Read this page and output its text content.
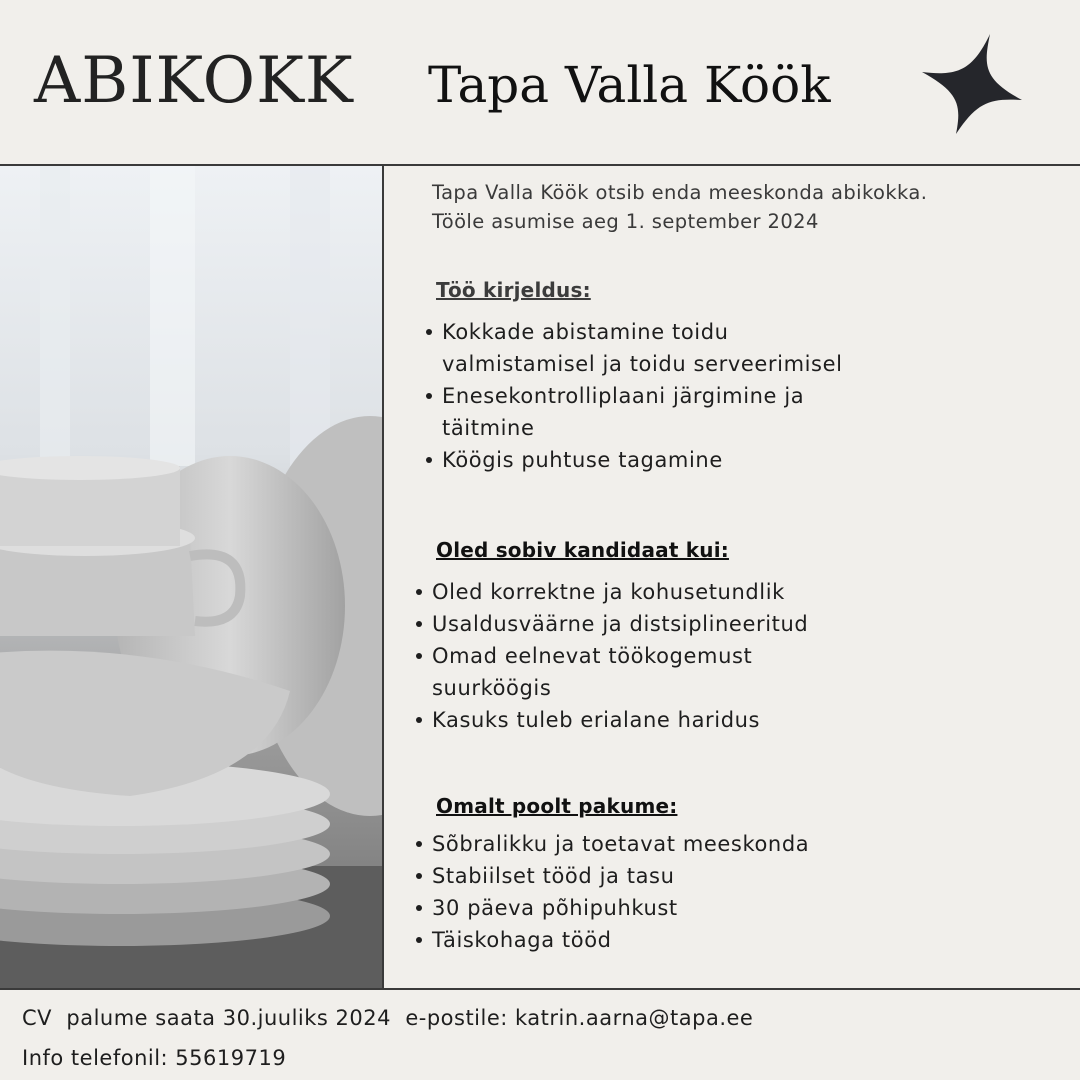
ABIKOKK Tapa Valla Köök

Tapa Valla Köök otsib enda meeskonda abikokka.

Tööle asumise aeg 1. september 2024

Töö kirjeldus:
Kokkade abistamine toidu valmistamisel ja toidu serveerimisel
Enesekontrolliplaani järgimine ja täitmine
Köögis puhtuse tagamine
Oled sobiv kandidaat kui:
Oled korrektne ja kohusetundlik
Usaldusväärne ja distsiplineeritud
Omad eelnevat töökogemust suurköögis
Kasuks tuleb erialane haridus
Omalt poolt pakume:
Sõbralikku ja toetavat meeskonda
Stabiilset tööd ja tasu
30 päeva põhipuhkust
Täiskohaga tööd

CV  palume saata 30.juuliks 2024  e-postile: katrin.aarna@tapa.ee

Info telefonil: 55619719
